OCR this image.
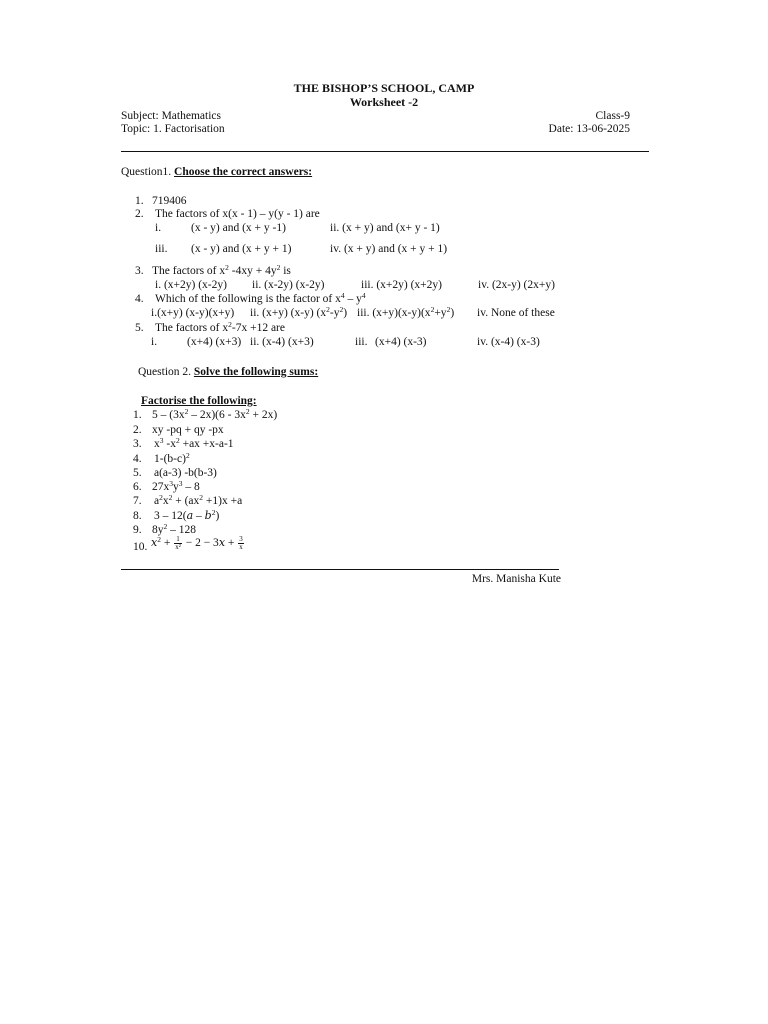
THE BISHOP’S SCHOOL, CAMP
Worksheet -2
Subject: Mathematics	Class-9
Topic: 1. Factorisation	Date: 13-06-2025
Question1. Choose the correct answers:
1. 719406
2. The factors of x(x - 1) – y(y - 1) are
i.	(x - y) and (x + y -1)	ii. (x + y) and (x+ y - 1)
iii. (x - y) and (x + y + 1)	iv. (x + y) and (x + y + 1)
3. The factors of $x^2$ $-4xy + 4y^2$ is
i. (x+2y) (x-2y) ii. (x-2y) (x-2y)	iii. (x+2y) (x+2y)	iv. (2x-y) (2x+y)
4. Which of the following is the factor of $x^4 - y^4$
i.(x+y) (x-y)(x+y) ii. (x+y) (x-y) $(x^2-y^2)$ iii. $(x+y)(x-y)(x^2+y^2)$ iv. None of these
5. The factors of $x^2-7x +12$ are
i.	(x+4) (x+3) ii. (x-4) (x+3)	iii. (x+4) (x-3)	iv. (x-4) (x-3)
Question 2. Solve the following sums:
Factorise the following:
1. $5 - (3x^2 - 2x)(6 - 3x^2 + 2x)$
2. xy -pq + qy -px
3. $x^3$ $-x^2 +ax +x-a-1$
4. $1-(b-c)^2$
5. a(a-3) -b(b-3)
6. $27x^3y^3 - 8$
7. $a^2x^2 + (ax^2 +1)x +a$
8. $3 - 12(a - b^2)$
9. $8y^2 - 128$
10. $x^2 + \frac{1}{\text{x²}} - 2 - 3x + \frac{3}{x}$
Mrs. Manisha Kute
